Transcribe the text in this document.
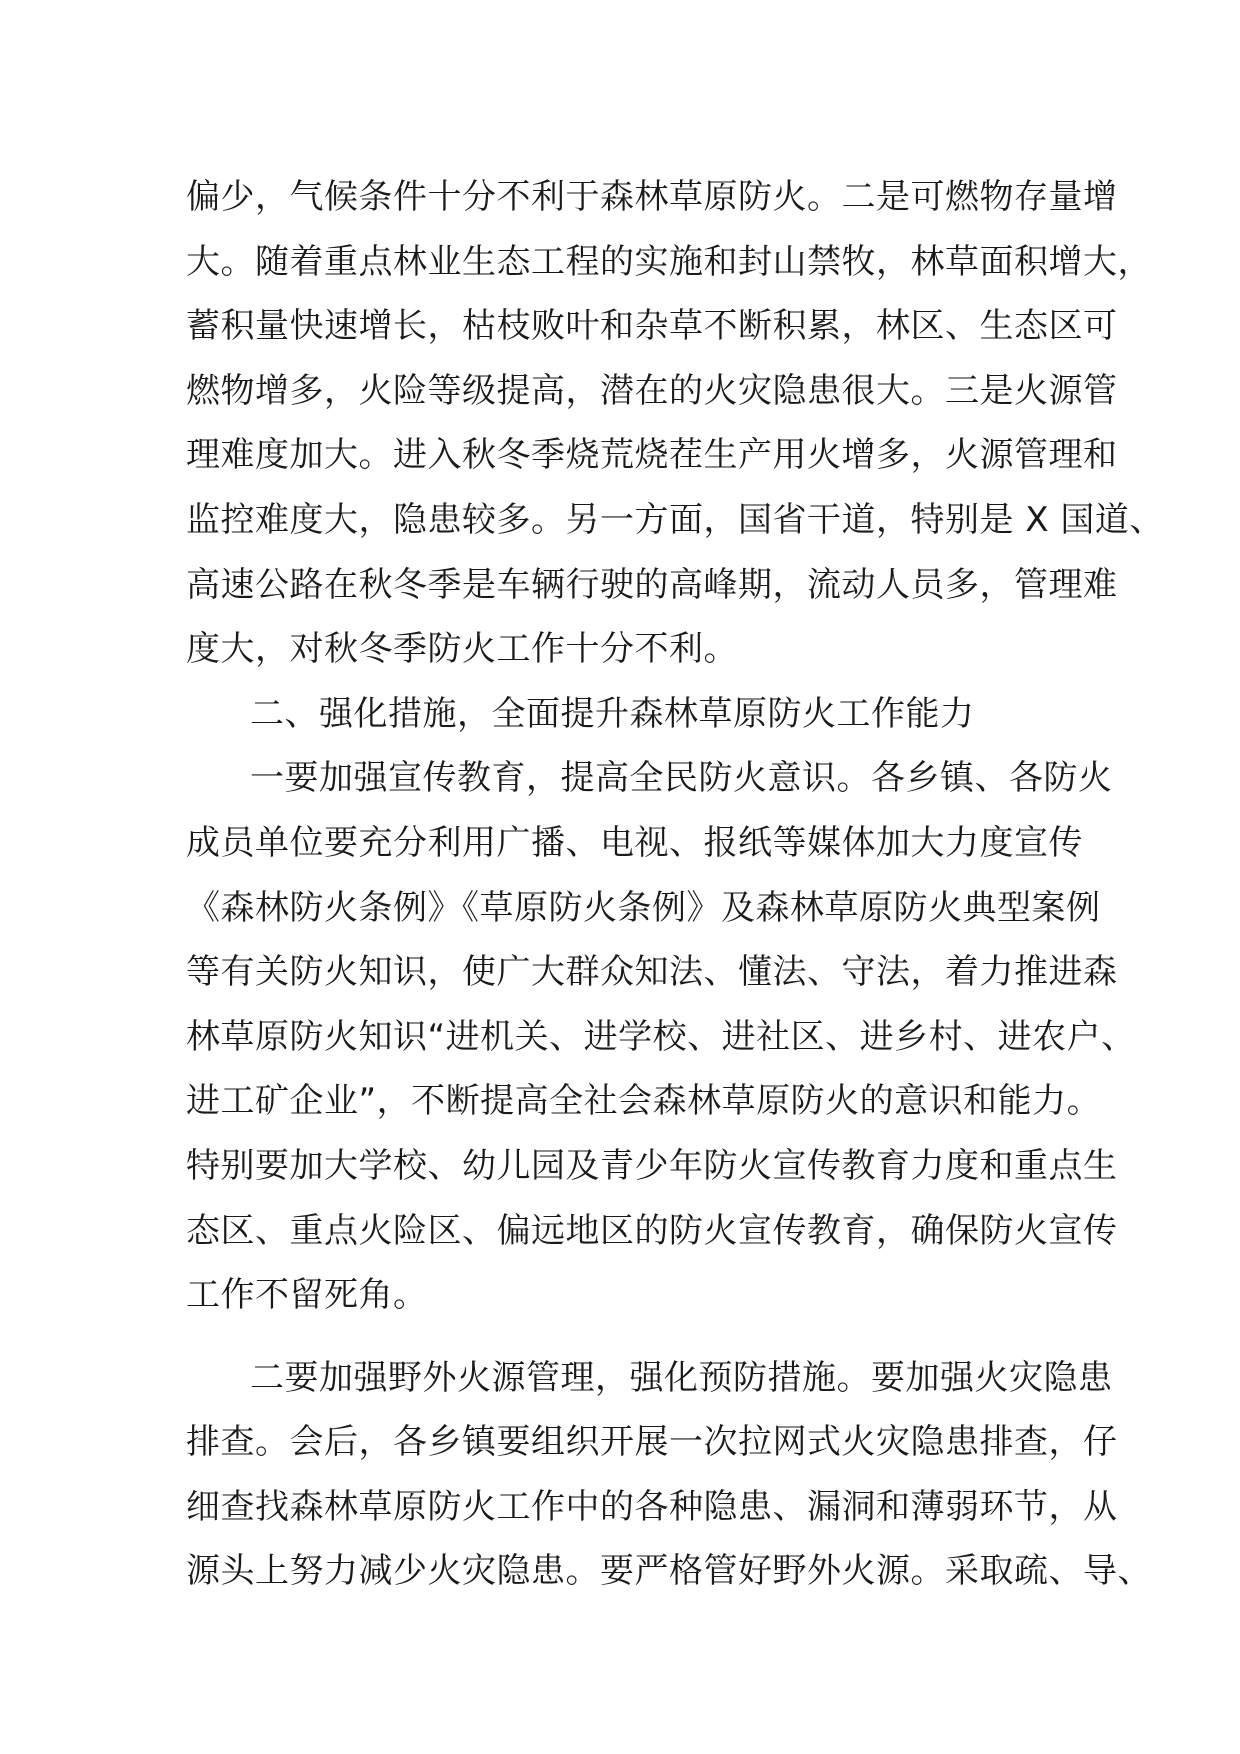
偏少，气候条件十分不利于森林草原防火。二是可燃物存量增
大。随着重点林业生态工程的实施和封山禁牧，林草面积增大，
蓄积量快速增长，枯枝败叶和杂草不断积累，林区、生态区可
燃物增多，火险等级提高，潜在的火灾隐患很大。三是火源管
理难度加大。进入秋冬季烧荒烧茬生产用火增多，火源管理和
监控难度大，隐患较多。另一方面，国省干道，特别是 X 国道、
高速公路在秋冬季是车辆行驶的高峰期，流动人员多，管理难
度大，对秋冬季防火工作十分不利。
二、强化措施，全面提升森林草原防火工作能力
一要加强宣传教育，提高全民防火意识。各乡镇、各防火
成员单位要充分利用广播、电视、报纸等媒体加大力度宣传
《森林防火条例》《草原防火条例》及森林草原防火典型案例
等有关防火知识，使广大群众知法、懂法、守法，着力推进森
林草原防火知识“进机关、进学校、进社区、进乡村、进农户、
进工矿企业”，不断提高全社会森林草原防火的意识和能力。
特别要加大学校、幼儿园及青少年防火宣传教育力度和重点生
态区、重点火险区、偏远地区的防火宣传教育，确保防火宣传
工作不留死角。
二要加强野外火源管理，强化预防措施。要加强火灾隐患
排查。会后，各乡镇要组织开展一次拉网式火灾隐患排查，仔
细查找森林草原防火工作中的各种隐患、漏洞和薄弱环节，从
源头上努力减少火灾隐患。要严格管好野外火源。采取疏、导、
